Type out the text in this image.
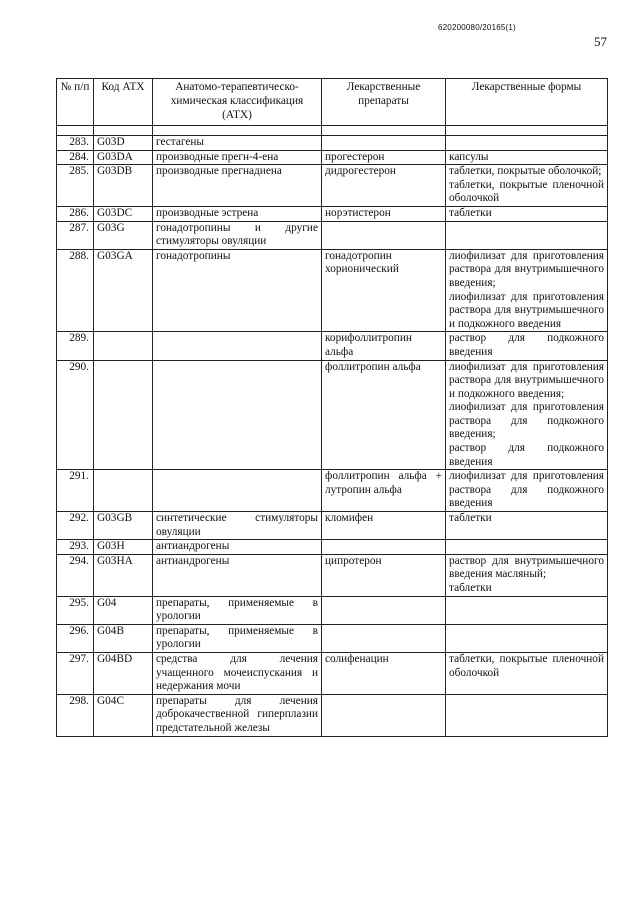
620200080/20165(1)
57
№ п/п	Код АТХ	Анатомо-терапевтическо-химическая классификация (АТХ)	Лекарственные препараты	Лекарственные формы

283.	G03D	гестагены		
284.	G03DA	производные прегн-4-ена	прогестерон	капсулы

285.	G03DB	производные прегнадиена	дидрогестерон	таблетки, покрытые оболочкой;
таблетки, покрытые пленочной оболочкой

286.	G03DC	производные эстрена	норэтистерон	таблетки

287.	G03G	гонадотропины и другие стимуляторы овуляции		
288.	G03GA	гонадотропины	гонадотропин хорионический	лиофилизат для приготовления раствора для внутримышечного введения;
лиофилизат для приготовления раствора для внутримышечного и подкожного введения

289.			корифоллитропин альфа	раствор для подкожного введения

290.			фоллитропин альфа	лиофилизат для приготовления раствора для внутримышечного и подкожного введения;
лиофилизат для приготовления раствора для подкожного введения;
раствор для подкожного введения

291.			фоллитропин альфа + лутропин альфа	лиофилизат для приготовления раствора для подкожного введения

292.	G03GB	синтетические стимуляторы овуляции	кломифен	таблетки

293.	G03H	антиандрогены		
294.	G03HA	антиандрогены	ципротерон	раствор для внутримышечного введения масляный;
таблетки

295.	G04	препараты, применяемые в урологии		
296.	G04B	препараты, применяемые в урологии		
297.	G04BD	средства для лечения учащенного мочеиспускания и недержания мочи	солифенацин	таблетки, покрытые пленочной оболочкой

298.	G04C	препараты для лечения доброкачественной гиперплазии предстательной железы		
